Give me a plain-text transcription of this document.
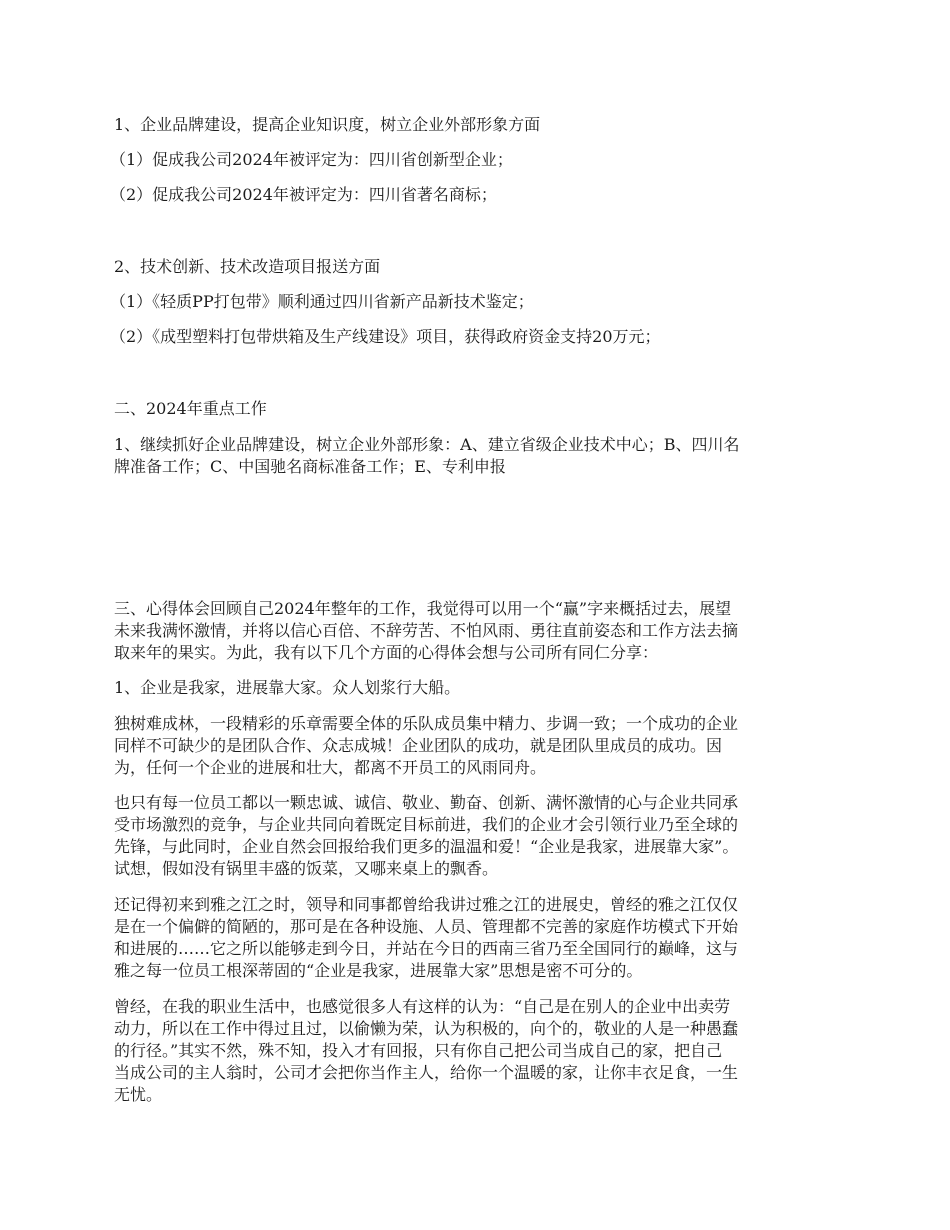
1、企业品牌建设，提高企业知识度，树立企业外部形象方面

（1）促成我公司2024年被评定为：四川省创新型企业；

（2）促成我公司2024年被评定为：四川省著名商标；

2、技术创新、技术改造项目报送方面

（1）《轻质PP打包带》顺利通过四川省新产品新技术鉴定；

（2）《成型塑料打包带烘箱及生产线建设》项目，获得政府资金支持20万元；

二、2024年重点工作

1、继续抓好企业品牌建设，树立企业外部形象：A、建立省级企业技术中心；B、四川名

牌准备工作；C、中国驰名商标准备工作；E、专利申报

三、心得体会回顾自己2024年整年的工作，我觉得可以用一个“赢”字来概括过去，展望

未来我满怀激情，并将以信心百倍、不辞劳苦、不怕风雨、勇往直前姿态和工作方法去摘

取来年的果实。为此，我有以下几个方面的心得体会想与公司所有同仁分享：

1、企业是我家，进展靠大家。众人划浆行大船。

独树难成林，一段精彩的乐章需要全体的乐队成员集中精力、步调一致；一个成功的企业

同样不可缺少的是团队合作、众志成城！企业团队的成功，就是团队里成员的成功。因

为，任何一个企业的进展和壮大，都离不开员工的风雨同舟。

也只有每一位员工都以一颗忠诚、诚信、敬业、勤奋、创新、满怀激情的心与企业共同承

受市场激烈的竞争，与企业共同向着既定目标前进，我们的企业才会引领行业乃至全球的

先锋，与此同时，企业自然会回报给我们更多的温温和爱！“企业是我家，进展靠大家”。

试想，假如没有锅里丰盛的饭菜，又哪来桌上的飘香。

还记得初来到雅之江之时，领导和同事都曾给我讲过雅之江的进展史，曾经的雅之江仅仅

是在一个偏僻的简陋的，那可是在各种设施、人员、管理都不完善的家庭作坊模式下开始

和进展的……它之所以能够走到今日，并站在今日的西南三省乃至全国同行的巅峰，这与

雅之每一位员工根深蒂固的“企业是我家，进展靠大家”思想是密不可分的。

曾经，在我的职业生活中，也感觉很多人有这样的认为：“自己是在别人的企业中出卖劳

动力，所以在工作中得过且过，以偷懒为荣，认为积极的，向个的，敬业的人是一种愚蠢

的行径。”其实不然，殊不知，投入才有回报，只有你自己把公司当成自己的家，把自己

当成公司的主人翁时，公司才会把你当作主人，给你一个温暖的家，让你丰衣足食，一生

无忧。
